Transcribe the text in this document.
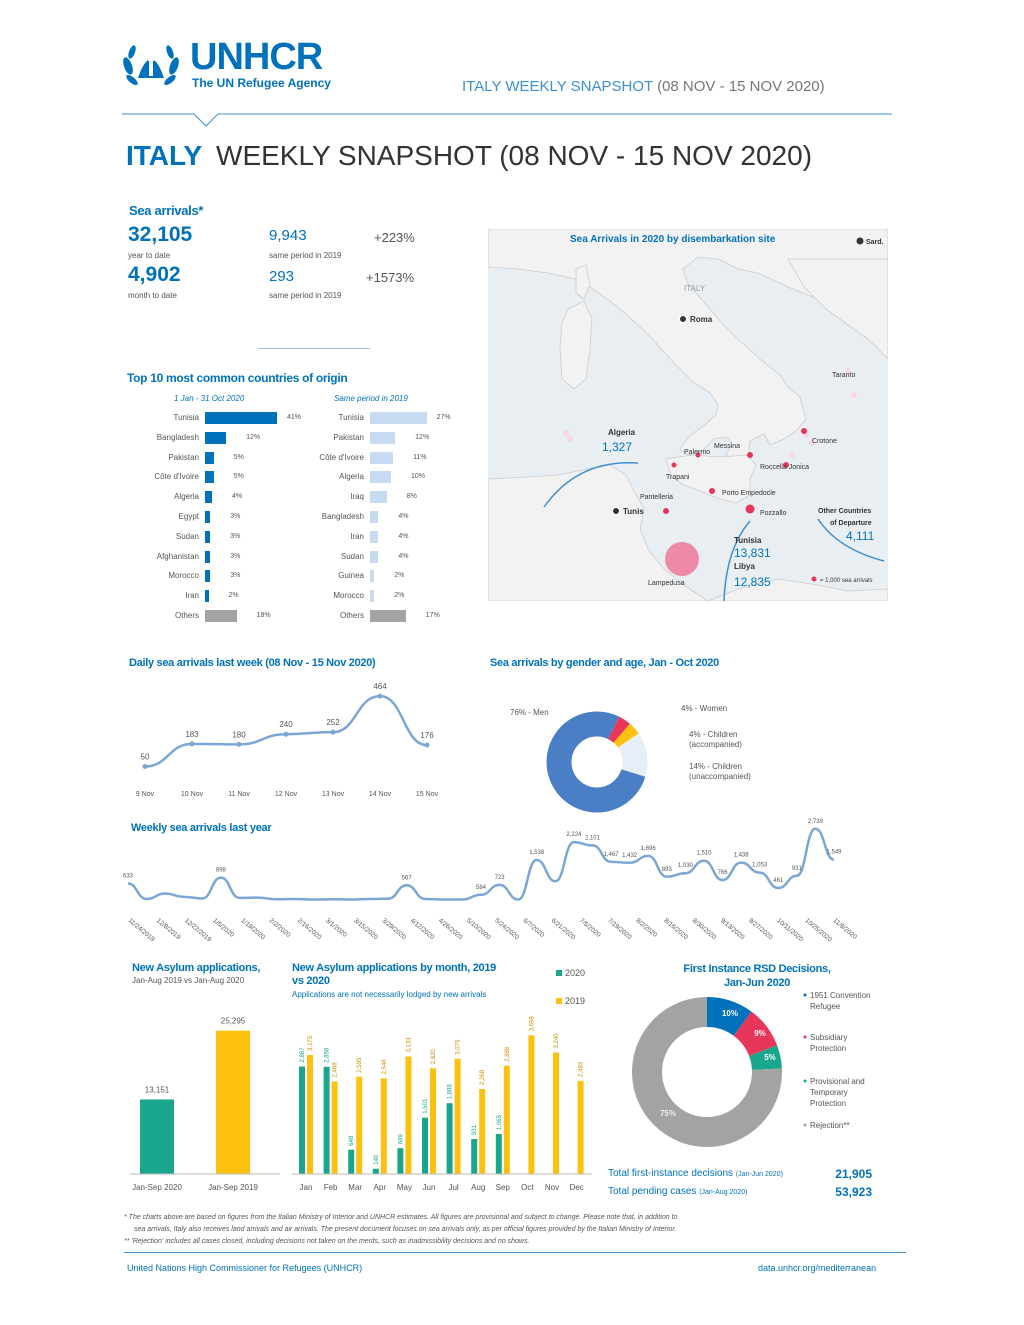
UNHCR
The UN Refugee Agency	ITALY WEEKLY SNAPSHOT (08 NOV - 15 NOV 2020)
ITALY WEEKLY SNAPSHOT (08 NOV - 15 NOV 2020)
Sea arrivals*
32,105
year to date
9,943
same period in 2019
+223%
4,902
month to date
293
same period in 2019
+1573%
Top 10 most common countries of origin
1 Jan - 31 Oct 2020	Same period in 2019
Tunisia	41%
Bangladesh	12%
Pakistan	5%
Côte d'Ivoire	5%
Algeria	4%
Egypt	3%
Sudan	3%
Afghanistan	3%
Morocco	3%
Iran	2%
Others	18%
Tunisia	27%
Pakistan	12%
Côte d'Ivoire	11%
Algeria	10%
Iraq	8%
Bangladesh	4%
Iran	4%
Sudan	4%
Guinea	2%
Morocco	2%
Others	17%
Sea Arrivals in 2020 by disembarkation site	Sard.
ITALY
Roma
Taranto
Crotone
Messina
Palermo
Roccella Jonica
Trapani
Pantelleria
Porto Empedocle
Pozzallo
Tunis
Lampedusa
Algeria
1,327
Tunisia
13,831
Libya
12,835
Other Countries
of Departure
4,111
= 1,000 sea arrivals
Daily sea arrivals last week (08 Nov - 15 Nov 2020)
50
9 Nov
183
10 Nov
180
11 Nov
240
12 Nov
252
13 Nov
464
14 Nov
176
15 Nov
Sea arrivals by gender and age, Jan - Oct 2020
76% - Men	4% - Women
4% - Children
(accompanied)
14% - Children
(unaccompanied)
Weekly sea arrivals last year
633
898
567
584
723
1,538
2,224
2,101
1,467 1,432
1,696
893
1,030
1,510
766
1,438
1,053
461
931
2,739
1,549
11/24/2019 12/8/2019 12/22/2019
1/5/2020 1/19/2020 2/2/2020 2/16/2020 3/1/2020 3/15/2020 3/29/2020 4/12/2020 4/26/2020 5/10/2020 5/24/2020 6/7/2020 6/21/2020 7/5/2020 7/19/2020 8/2/2020 8/16/2020 8/30/2020 9/13/2020 9/27/2020 10/11/2020 10/25/2020
11/8/2020
New Asylum applications,
Jan-Aug 2019 vs Jan-Aug 2020
13,151
Jan-Sep 2020
25,295
Jan-Sep 2019
New Asylum applications by month, 2019 vs 2020
Applications are not necessarily lodged by new arrivals
2020
2019
2,867
3,175
Jan
2,858
2,468
Feb
648
2,595
Mar
140
2,548
Apr
689
3,133
May
1,501
2,820
Jun
1,888
3,075
Jul
931
2,268
Aug
1,065
2,886
Sep
3,698
Oct
3,240
Nov
2,483
Dec
First Instance RSD Decisions, Jan-Jun 2020
10%
9%
5%
75%
1951 Convention
Refugee
Subsidiary
Protection
Provisional and
Temporary
Protection
Rejection**
Total first-instance decisions (Jan-Jun 2020)	21,905
Total pending cases (Jan-Aug 2020)	53,923
* The charts above are based on figures from the Italian Ministry of Interior and UNHCR estimates. All figures are provisional and subject to change. Please note that, in addition to
sea arrivals, Italy also receives land arrivals and air arrivals. The present document focuses on sea arrivals only, as per official figures provided by the Italian Ministry of Interior.
** 'Rejection' includes all cases closed, including decisions not taken on the merits, such as inadmissibility decisions and no shows.
United Nations High Commissioner for Refugees (UNHCR)	data.unhcr.org/mediterranean
